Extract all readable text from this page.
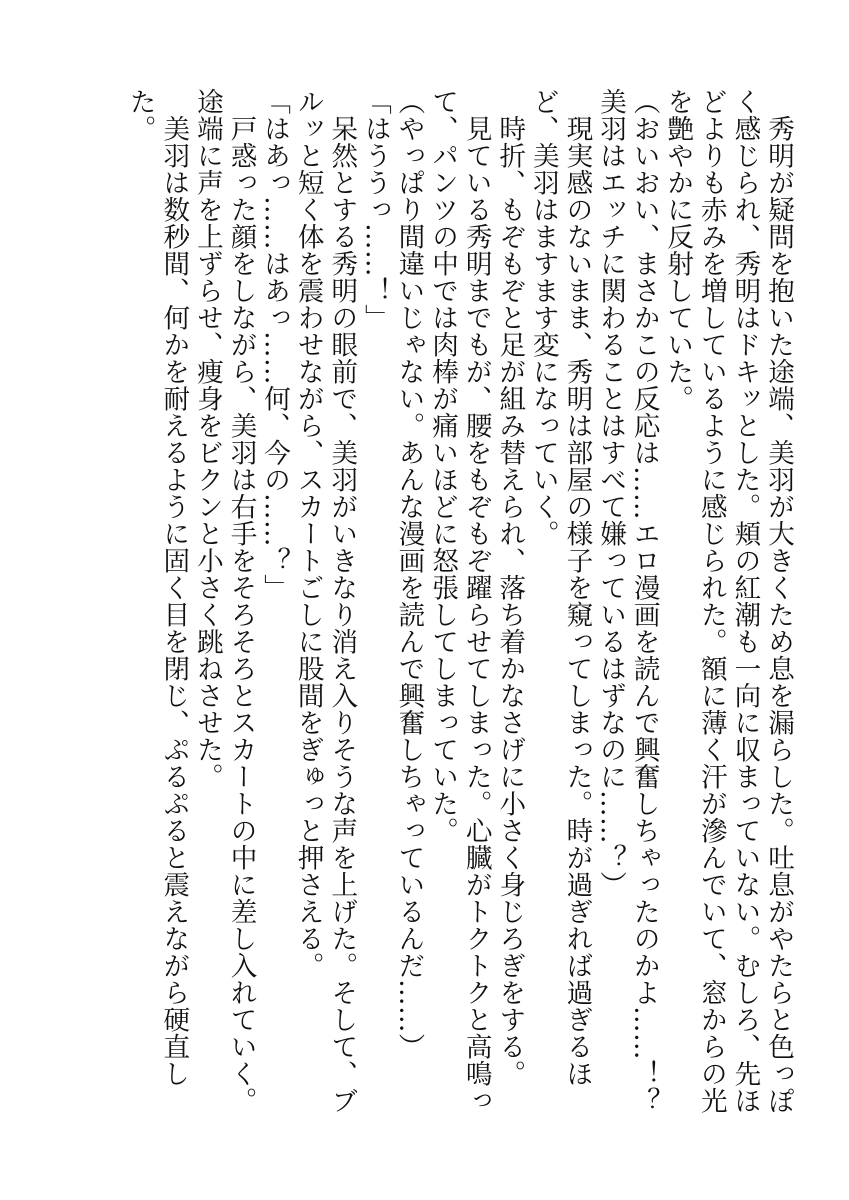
　秀明が疑問を抱いた途端、美羽が大きくため息を漏らした。吐息がやたらと色っぽく感じられ、秀明はドキッとした。頬の紅潮も一向に収まっていない。むしろ、先ほどよりも赤みを増しているように感じられた。額に薄く汗が滲んでいて、窓からの光を艶やかに反射していた。

（おいおい、まさかこの反応は……エロ漫画を読んで興奮しちゃったのかよ……！？　美羽はエッチに関わることはすべて嫌っているはずなのに……？）

　現実感のないまま、秀明は部屋の様子を窺ってしまった。時が過ぎれば過ぎるほど、美羽はますます変になっていく。

　時折、もぞもぞと足が組み替えられ、落ち着かなさげに小さく身じろぎをする。

　見ている秀明までもが、腰をもぞもぞ躍らせてしまった。心臓がトクトクと高鳴って、パンツの中では肉棒が痛いほどに怒張してしまっていた。

（やっぱり間違いじゃない。あんな漫画を読んで興奮しちゃっているんだ……）

「はううっ……！」

　呆然とする秀明の眼前で、美羽がいきなり消え入りそうな声を上げた。そして、ブルッと短く体を震わせながら、スカートごしに股間をぎゅっと押さえる。

「はあっ……はあっ……何、今の……？」

　戸惑った顔をしながら、美羽は右手をそろそろとスカートの中に差し入れていく。途端に声を上ずらせ、痩身をビクンと小さく跳ねさせた。

　美羽は数秒間、何かを耐えるように固く目を閉じ、ぷるぷると震えながら硬直した。
